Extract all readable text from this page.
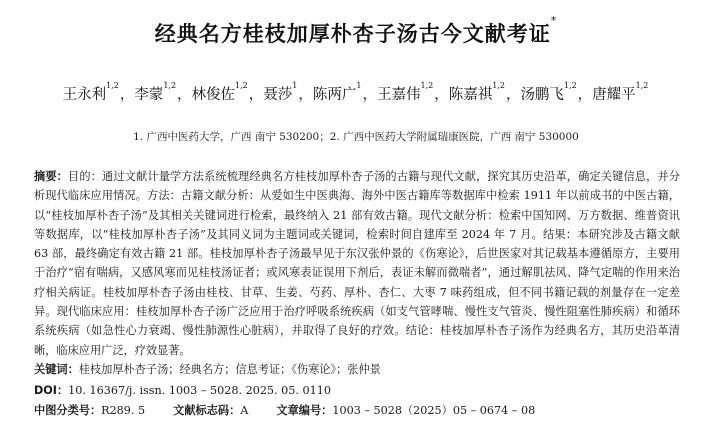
经典名方桂枝加厚朴杏子汤古今文献考证*
王永利$^{1,2}$，李蒙$^{1,2}$，林俊佐$^{1,2}$，聂莎$^1$，陈两广$^1$，王嘉伟$^{1,2}$，陈嘉祺$^{1,2}$，汤鹏飞$^{1,2}$，唐耀平$^{1,2}$
1. 广西中医药大学，广西 南宁 530200；2. 广西中医药大学附属瑞康医院，广西 南宁 530000
摘要：目的：通过文献计量学方法系统梳理经典名方桂枝加厚朴杏子汤的古籍与现代文献，探究其历史沿革，确定关键信息，并分析现代临床应用情况。方法：古籍文献分析：从爱如生中医典海、海外中医古籍库等数据库中检索 1911 年以前成书的中医古籍，以“桂枝加厚朴杏子汤”及其相关关键词进行检索，最终纳入 21 部有效古籍。现代文献分析：检索中国知网、万方数据、维普资讯等数据库，以“桂枝加厚朴杏子汤”及其同义词为主题词或关键词，检索时间自建库至 2024 年 7 月。结果：本研究涉及古籍文献 63 部，最终确定有效古籍 21 部。桂枝加厚朴杏子汤最早见于东汉张仲景的《伤寒论》，后世医家对其记载基本遵循原方，主要用于治疗“宿有喘病，又感风寒而见桂枝汤证者；或风寒表证误用下剂后，表证未解而微喘者”，通过解肌祛风、降气定喘的作用来治疗相关病证。桂枝加厚朴杏子汤由桂枝、甘草、生姜、芍药、厚朴、杏仁、大枣 7 味药组成，但不同书籍记载的剂量存在一定差异。现代临床应用：桂枝加厚朴杏子汤广泛应用于治疗呼吸系统疾病（如支气管哮喘、慢性支气管炎、慢性阻塞性肺疾病）和循环系统疾病（如急性心力衰竭、慢性肺源性心脏病），并取得了良好的疗效。结论：桂枝加厚朴杏子汤作为经典名方，其历史沿革清晰，临床应用广泛，疗效显著。
关键词：桂枝加厚朴杏子汤；经典名方；信息考证；《伤寒论》；张仲景
DOI：10. 16367/j. issn. 1003 – 5028. 2025. 05. 0110
中图分类号：R289. 5	文献标志码：A	文章编号：1003 – 5028（2025）05 – 0674 – 08
